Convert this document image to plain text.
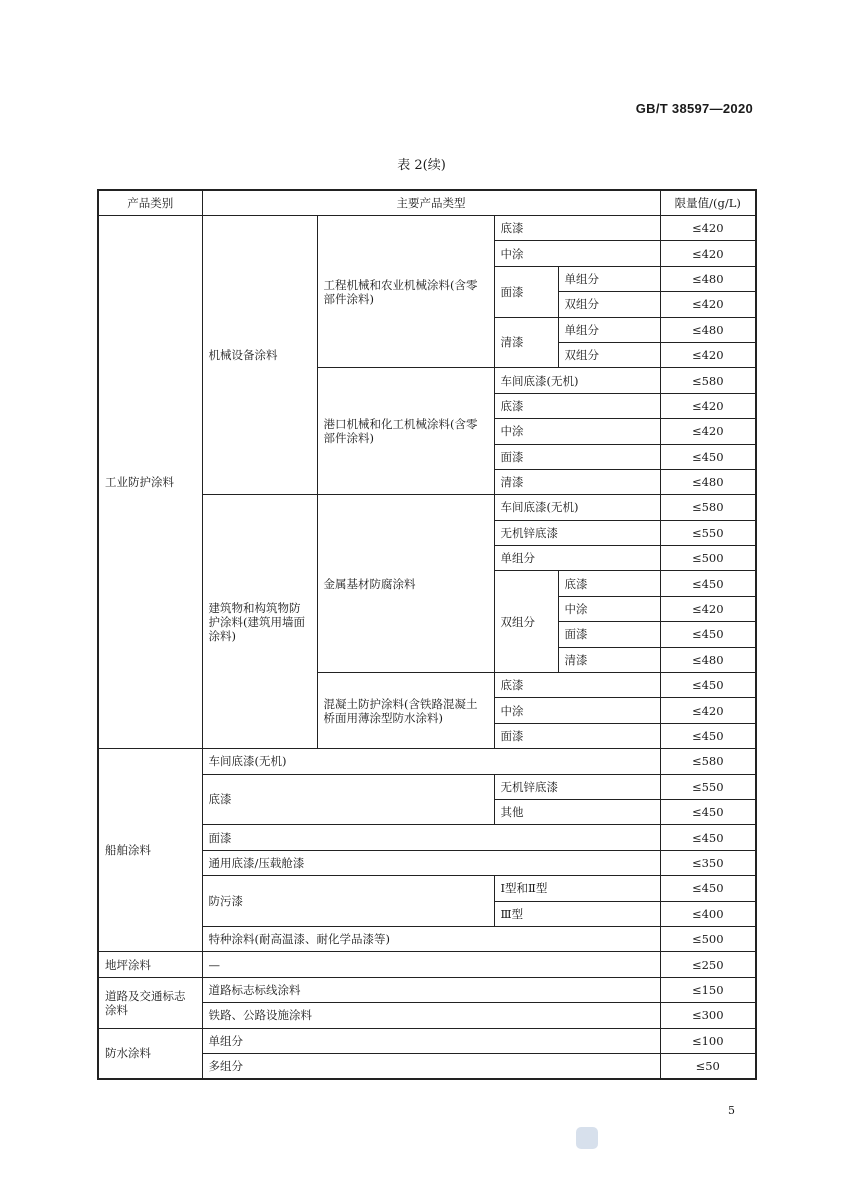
GB/T 38597—2020
表 2(续)
产品类别	主要产品类型				限量值/(g/L)
工业防护涂料	机械设备涂料	工程机械和农业机械涂料(含零部件涂料)	底漆		≤420
			中涂		≤420
			面漆	单组分	≤480
				双组分	≤420
			清漆	单组分	≤480
				双组分	≤420
		港口机械和化工机械涂料(含零部件涂料)	车间底漆(无机)		≤580
			底漆		≤420
			中涂		≤420
			面漆		≤450
			清漆		≤480
	建筑物和构筑物防护涂料(建筑用墙面涂料)	金属基材防腐涂料	车间底漆(无机)		≤580
			无机锌底漆		≤550
			单组分		≤500
			双组分	底漆	≤450
				中涂	≤420
				面漆	≤450
				清漆	≤480
		混凝土防护涂料(含铁路混凝土桥面用薄涂型防水涂料)	底漆		≤450
			中涂		≤420
			面漆		≤450
船舶涂料	车间底漆(无机)				≤580
	底漆		无机锌底漆		≤550
			其他		≤450
	面漆				≤450
	通用底漆/压载舱漆				≤350
	防污漆		Ⅰ型和Ⅱ型		≤450
			Ⅲ型		≤400
	特种涂料(耐高温漆、耐化学品漆等)				≤500
地坪涂料	—				≤250
道路及交通标志涂料	道路标志标线涂料				≤150
	铁路、公路设施涂料				≤300
防水涂料	单组分				≤100
	多组分				≤50
5
